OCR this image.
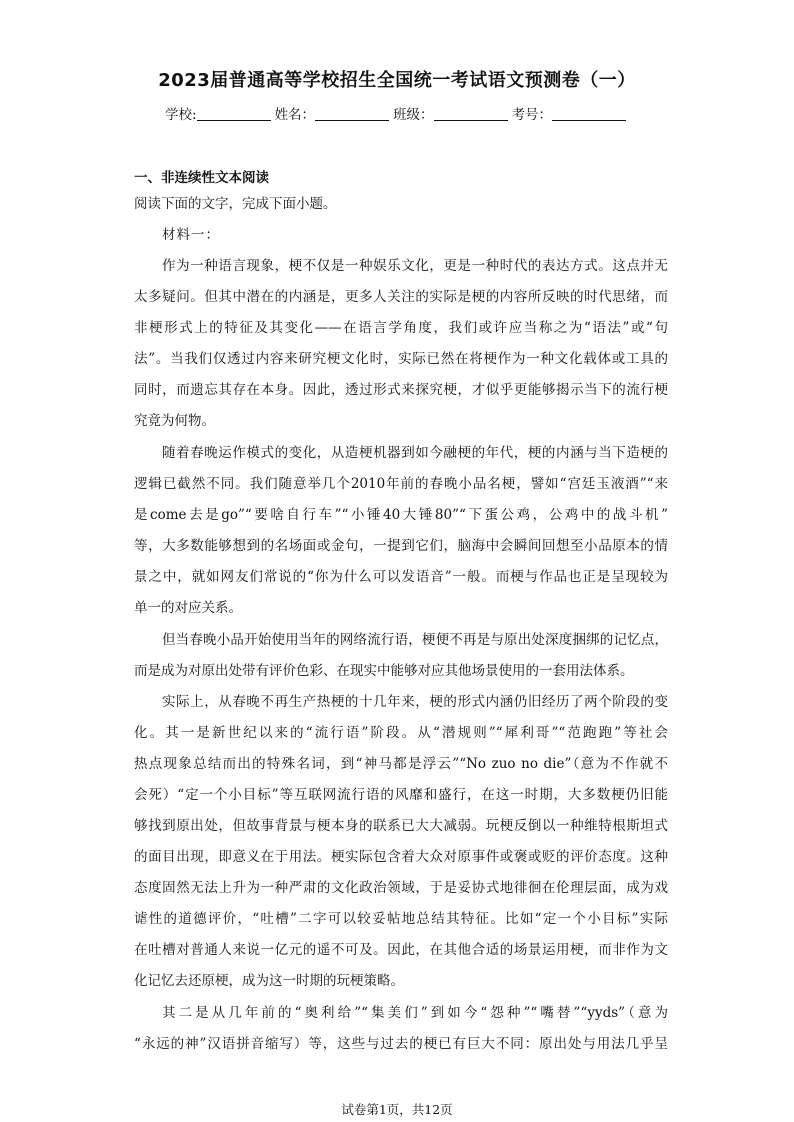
2023届普通高等学校招生全国统一考试语文预测卷（一）
学校:	姓名：	班级：	考号：
一、非连续性文本阅读
阅读下面的文字，完成下面小题。
材料一：
作为一种语言现象，梗不仅是一种娱乐文化，更是一种时代的表达方式。这点并无
太多疑问。但其中潜在的内涵是，更多人关注的实际是梗的内容所反映的时代思绪，而
非梗形式上的特征及其变化——在语言学角度，我们或许应当称之为“语法”或“句
法”。当我们仅透过内容来研究梗文化时，实际已然在将梗作为一种文化载体或工具的
同时，而遗忘其存在本身。因此，透过形式来探究梗，才似乎更能够揭示当下的流行梗
究竟为何物。
随着春晚运作模式的变化，从造梗机器到如今融梗的年代，梗的内涵与当下造梗的
逻辑已截然不同。我们随意举几个2010年前的春晚小品名梗，譬如“宫廷玉液酒”“来
是come去是go”“要啥自行车”“小锤40大锤80”“下蛋公鸡，公鸡中的战斗机”
等，大多数能够想到的名场面或金句，一提到它们，脑海中会瞬间回想至小品原本的情
景之中，就如网友们常说的“你为什么可以发语音”一般。而梗与作品也正是呈现较为
单一的对应关系。
但当春晚小品开始使用当年的网络流行语，梗便不再是与原出处深度捆绑的记忆点，
而是成为对原出处带有评价色彩、在现实中能够对应其他场景使用的一套用法体系。
实际上，从春晚不再生产热梗的十几年来，梗的形式内涵仍旧经历了两个阶段的变
化。其一是新世纪以来的“流行语”阶段。从“潜规则”“犀利哥”“范跑跑”等社会
热点现象总结而出的特殊名词，到“神马都是浮云”“No zuo no die”（意为不作就不
会死）“定一个小目标”等互联网流行语的风靡和盛行，在这一时期，大多数梗仍旧能
够找到原出处，但故事背景与梗本身的联系已大大减弱。玩梗反倒以一种维特根斯坦式
的面目出现，即意义在于用法。梗实际包含着大众对原事件或褒或贬的评价态度。这种
态度固然无法上升为一种严肃的文化政治领域，于是妥协式地徘徊在伦理层面，成为戏
谑性的道德评价，“吐槽”二字可以较妥帖地总结其特征。比如“定一个小目标”实际
在吐槽对普通人来说一亿元的遥不可及。因此，在其他合适的场景运用梗，而非作为文
化记忆去还原梗，成为这一时期的玩梗策略。
其二是从几年前的“奥利给”“集美们”到如今“怨种”“嘴替”“yyds”（意为
“永远的神”汉语拼音缩写）等，这些与过去的梗已有巨大不同：原出处与用法几乎呈
试卷第1页，共12页
